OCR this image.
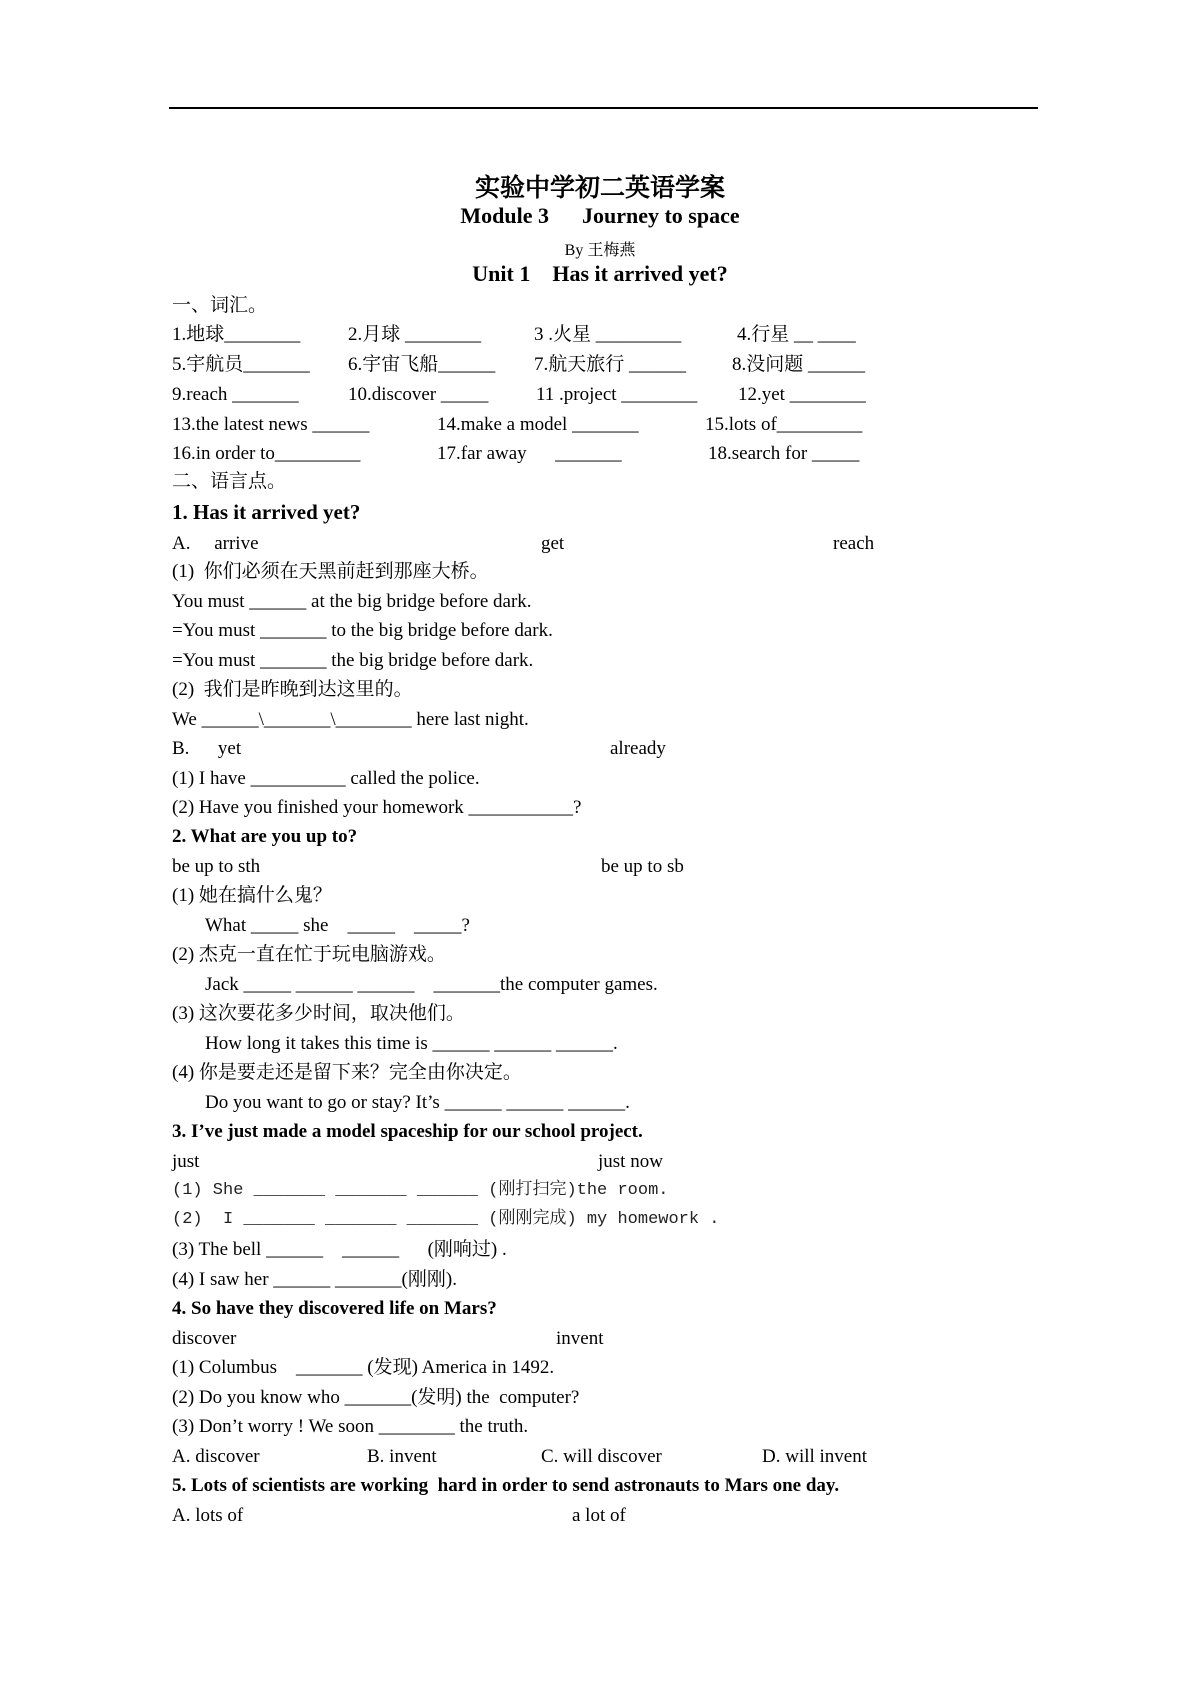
实验中学初二英语学案
Module 3      Journey to space
By 王梅燕
Unit 1    Has it arrived yet?
一、词汇。
1.地球________	2.月球 ________	3 .火星 _________	4.行星 __ ____
5.宇航员_______ 6.宇宙飞船______ 7.航天旅行 ______ 8.没问题 ______
9.reach _______	10.discover _____	11 .project ________ 12.yet ________
13.the latest news ______	14.make a model _______	15.lots of_________
16.in order to_________	17.far away      _______	18.search for _____
二、语言点。
1. Has it arrived yet?
A.     arrive	get	reach
(1)  你们必须在天黑前赶到那座大桥。
You must ______ at the big bridge before dark.
=You must _______ to the big bridge before dark.
=You must _______ the big bridge before dark.
(2)  我们是昨晚到达这里的。
We ______\_______\________ here last night.
B.      yet	already
(1) I have __________ called the police.
(2) Have you finished your homework ___________?
2. What are you up to?
be up to sth	be up to sb
(1) 她在搞什么鬼？
What _____ she    _____    _____?
(2) 杰克一直在忙于玩电脑游戏。
Jack _____ ______ ______    _______the computer games.
(3) 这次要花多少时间，取决他们。
How long it takes this time is ______ ______ ______.
(4) 你是要走还是留下来？完全由你决定。
Do you want to go or stay? It’s ______ ______ ______.
3. I’ve just made a model spaceship for our school project.
just	just now
(1) She _______ _______ ______ (刚打扫完)the room.
(2)  I _______ _______ _______ (刚刚完成) my homework .
(3) The bell ______    ______      (刚响过) .
(4) I saw her ______ _______(刚刚).
4. So have they discovered life on Mars?
discover	invent
(1) Columbus    _______ (发现) America in 1492.
(2) Do you know who _______(发明) the  computer?
(3) Don’t worry ! We soon ________ the truth.
A. discover	B. invent	C. will discover	D. will invent
5. Lots of scientists are working  hard in order to send astronauts to Mars one day.
A. lots of	a lot of
